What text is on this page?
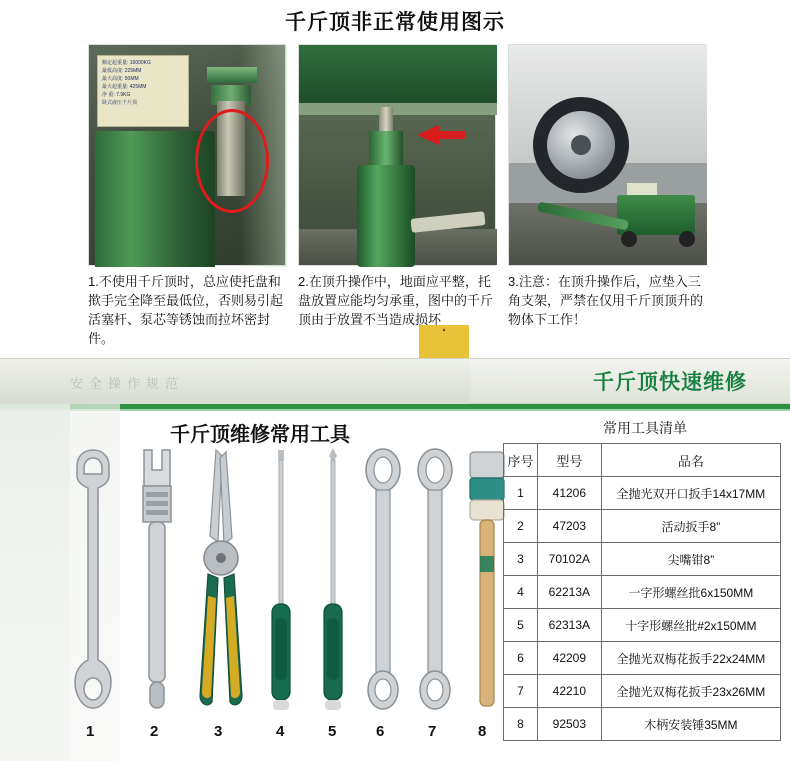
千斤顶非正常使用图示
额定起重量: 16000KG
最低高度: 225MM
最大高度: 50MM
最大起重量: 425MM
净 重: 7.9KG
卧式液压千斤顶
▲
1.不使用千斤顶时，总应使托盘和揿手完全降至最低位，否则易引起活塞杆、泵芯等锈蚀而拉坏密封件。
2.在顶升操作中，地面应平整，托盘放置应能均匀承重，图中的千斤顶由于放置不当造成损坏
3.注意：在顶升操作后，应垫入三角支架，严禁在仅用千斤顶顶升的物体下工作！
安全操作规范	千斤顶快速维修
千斤顶维修常用工具	常用工具清单
1	2	3	4	5	6	7	8
序号	型号	品名
1	41206	全抛光双开口扳手14x17MM
2	47203	活动扳手8”
3	70102A	尖嘴钳8”
4	62213A	一字形螺丝批6x150MM
5	62313A	十字形螺丝批#2x150MM
6	42209	全抛光双梅花扳手22x24MM
7	42210	全抛光双梅花扳手23x26MM
8	92503	木柄安装锤35MM
